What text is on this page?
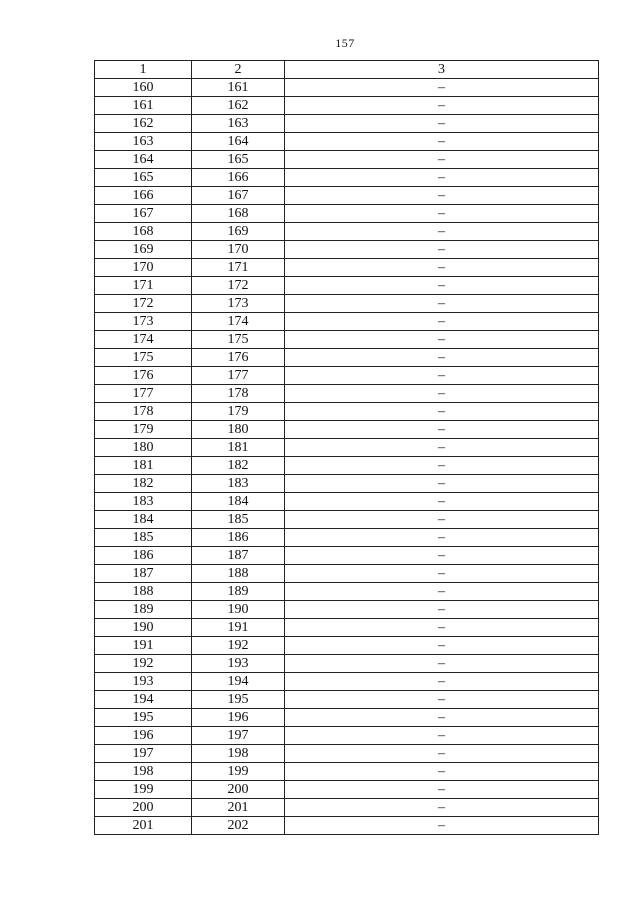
157
1	2	3
160	161	–
161	162	–
162	163	–
163	164	–
164	165	–
165	166	–
166	167	–
167	168	–
168	169	–
169	170	–
170	171	–
171	172	–
172	173	–
173	174	–
174	175	–
175	176	–
176	177	–
177	178	–
178	179	–
179	180	–
180	181	–
181	182	–
182	183	–
183	184	–
184	185	–
185	186	–
186	187	–
187	188	–
188	189	–
189	190	–
190	191	–
191	192	–
192	193	–
193	194	–
194	195	–
195	196	–
196	197	–
197	198	–
198	199	–
199	200	–
200	201	–
201	202	–
